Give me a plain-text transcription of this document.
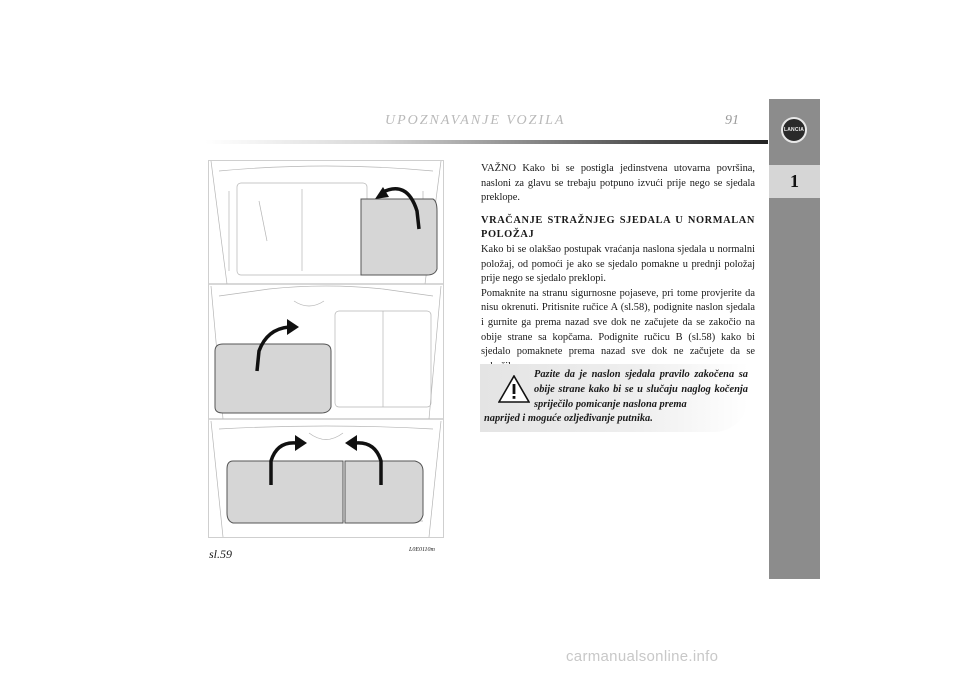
UPOZNAVANJE VOZILA	91
LANCIA
1
sl.59	L0E0110m

VAŽNO Kako bi se postigla jedinstvena utovarna površina, nasloni za glavu se trebaju potpuno izvući prije nego se sjedala preklope.

VRAČANJE STRAŽNJEG SJEDALA U NORMALAN POLOŽAJ

Kako bi se olakšao postupak vraćanja naslona sjedala u normalni položaj, od pomoći je ako se sjedalo pomakne u prednji položaj prije nego se sjedalo preklopi.

Pomaknite na stranu sigurnosne pojaseve, pri tome provjerite da nisu okrenuti. Pritisnite ručice A (sl.58), podignite naslon sjedala i gurnite ga prema nazad sve dok ne začujete da se zakočio na obije strane sa kopčama. Podignite ručicu B (sl.58) kako bi sjedalo pomaknete prema nazad sve dok ne začujete da se

Pazite da je naslon sjedala pravilo zakočena sa obije strane kako bi se u slučaju naglog kočenja spriječilo pomicanje naslona prema
naprijed i moguće ozljeđivanje putnika.
carmanualsonline.info
